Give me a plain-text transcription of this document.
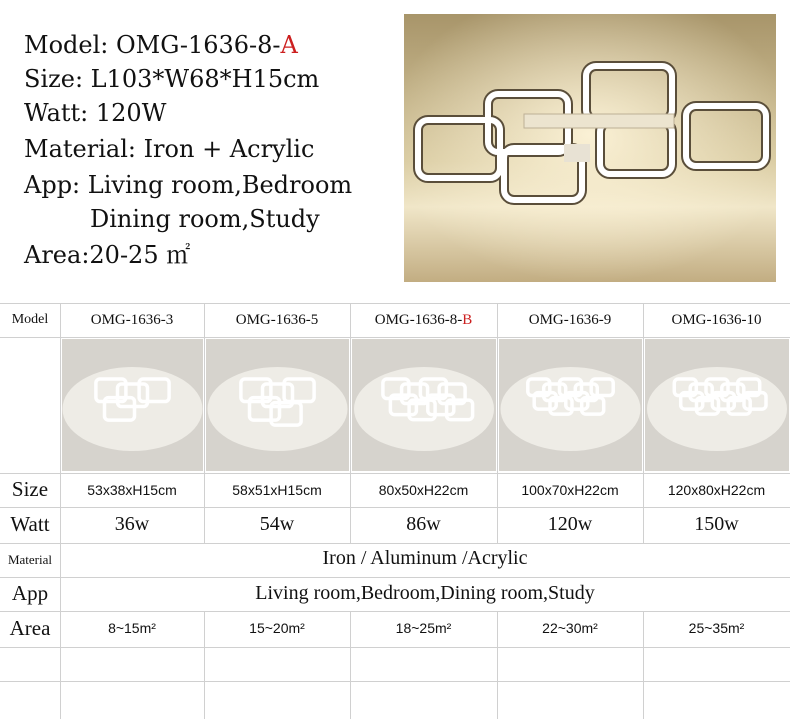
Model: OMG-1636-8-A
Size: L103*W68*H15cm
Watt: 120W
Material: Iron + Acrylic
App: Living room,Bedroom
Dining room,Study
Area:20-25 ㎡
Model
Size
Watt
Material
App
Area
OMG-1636-3
53x38xH15cm
36w
8~15m²
OMG-1636-5
58x51xH15cm
54w
15~20m²
OMG-1636-8-B
80x50xH22cm
86w
18~25m²
OMG-1636-9
100x70xH22cm
120w
22~30m²
OMG-1636-10
120x80xH22cm
150w
25~35m²
Iron / Aluminum /Acrylic
Living room,Bedroom,Dining room,Study
